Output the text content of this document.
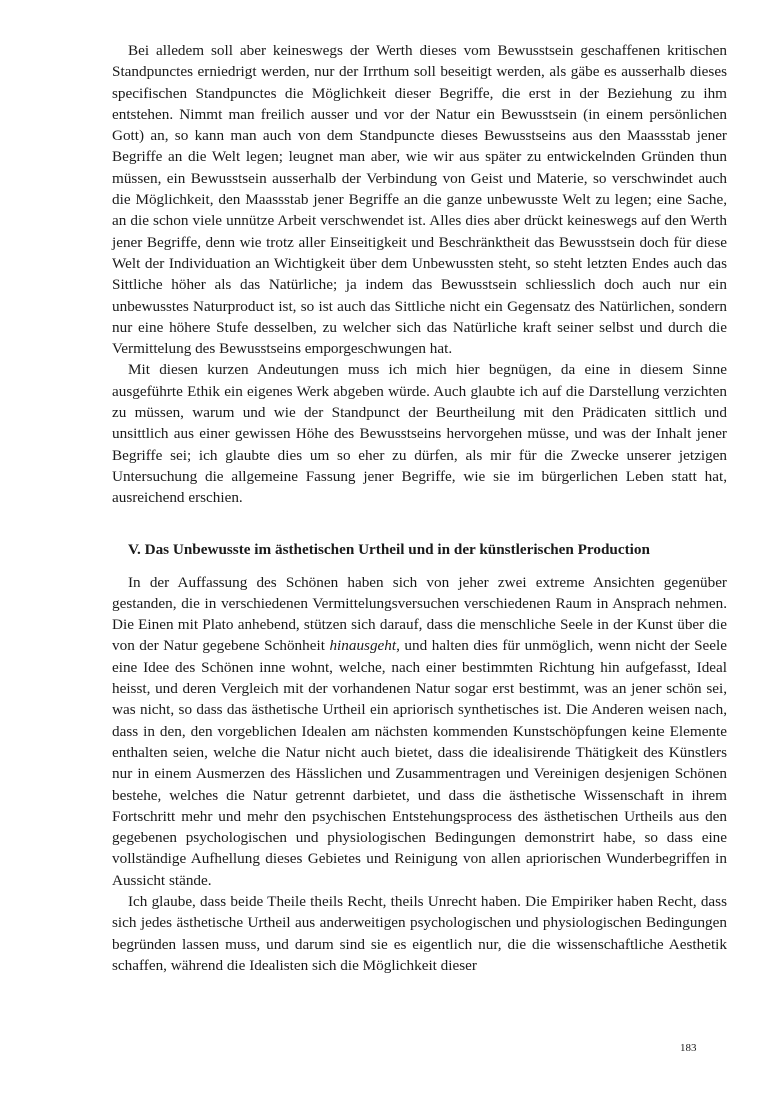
Bei alledem soll aber keineswegs der Werth dieses vom Bewusstsein geschaffenen kritischen Standpunctes erniedrigt werden, nur der Irrthum soll beseitigt werden, als gäbe es ausserhalb dieses specifischen Standpunctes die Möglichkeit dieser Begriffe, die erst in der Beziehung zu ihm entstehen. Nimmt man freilich ausser und vor der Natur ein Bewusstsein (in einem persönlichen Gott) an, so kann man auch von dem Standpuncte dieses Bewusstseins aus den Maassstab jener Begriffe an die Welt legen; leugnet man aber, wie wir aus später zu entwickelnden Gründen thun müssen, ein Bewusstsein ausserhalb der Verbindung von Geist und Materie, so verschwindet auch die Möglichkeit, den Maassstab jener Begriffe an die ganze unbewusste Welt zu legen; eine Sache, an die schon viele unnütze Arbeit verschwendet ist. Alles dies aber drückt keineswegs auf den Werth jener Begriffe, denn wie trotz aller Einseitigkeit und Beschränktheit das Bewusstsein doch für diese Welt der Individuation an Wichtigkeit über dem Unbewussten steht, so steht letzten Endes auch das Sittliche höher als das Natürliche; ja indem das Bewusstsein schliesslich doch auch nur ein unbewusstes Naturproduct ist, so ist auch das Sittliche nicht ein Gegensatz des Natürlichen, sondern nur eine höhere Stufe desselben, zu welcher sich das Natürliche kraft seiner selbst und durch die Vermittelung des Bewusstseins emporgeschwungen hat.

Mit diesen kurzen Andeutungen muss ich mich hier begnügen, da eine in diesem Sinne ausgeführte Ethik ein eigenes Werk abgeben würde. Auch glaubte ich auf die Darstellung verzichten zu müssen, warum und wie der Standpunct der Beurtheilung mit den Prädicaten sittlich und unsittlich aus einer gewissen Höhe des Bewusstseins hervorgehen müsse, und was der Inhalt jener Begriffe sei; ich glaubte dies um so eher zu dürfen, als mir für die Zwecke unserer jetzigen Untersuchung die allgemeine Fassung jener Begriffe, wie sie im bürgerlichen Leben statt hat, ausreichend erschien.

V. Das Unbewusste im ästhetischen Urtheil und in der künstlerischen Production

In der Auffassung des Schönen haben sich von jeher zwei extreme Ansichten gegenüber gestanden, die in verschiedenen Vermittelungsversuchen verschiedenen Raum in Ansprach nehmen. Die Einen mit Plato anhebend, stützen sich darauf, dass die menschliche Seele in der Kunst über die von der Natur gegebene Schönheit hinausgeht, und halten dies für unmöglich, wenn nicht der Seele eine Idee des Schönen inne wohnt, welche, nach einer bestimmten Richtung hin aufgefasst, Ideal heisst, und deren Vergleich mit der vorhandenen Natur sogar erst bestimmt, was an jener schön sei, was nicht, so dass das ästhetische Urtheil ein apriorisch synthetisches ist. Die Anderen weisen nach, dass in den, den vorgeblichen Idealen am nächsten kommenden Kunstschöpfungen keine Elemente enthalten seien, welche die Natur nicht auch bietet, dass die idealisirende Thätigkeit des Künstlers nur in einem Ausmerzen des Hässlichen und Zusammentragen und Vereinigen desjenigen Schönen bestehe, welches die Natur getrennt darbietet, und dass die ästhetische Wissenschaft in ihrem Fortschritt mehr und mehr den psychischen Entstehungsprocess des ästhetischen Urtheils aus den gegebenen psychologischen und physiologischen Bedingungen demonstrirt habe, so dass eine vollständige Aufhellung dieses Gebietes und Reinigung von allen apriorischen Wunderbegriffen in Aussicht stände.

Ich glaube, dass beide Theile theils Recht, theils Unrecht haben. Die Empiriker haben Recht, dass sich jedes ästhetische Urtheil aus anderweitigen psychologischen und physiologischen Bedingungen begründen lassen muss, und darum sind sie es eigentlich nur, die die wissenschaftliche Aesthetik schaffen, während die Idealisten sich die Möglichkeit dieser

183
